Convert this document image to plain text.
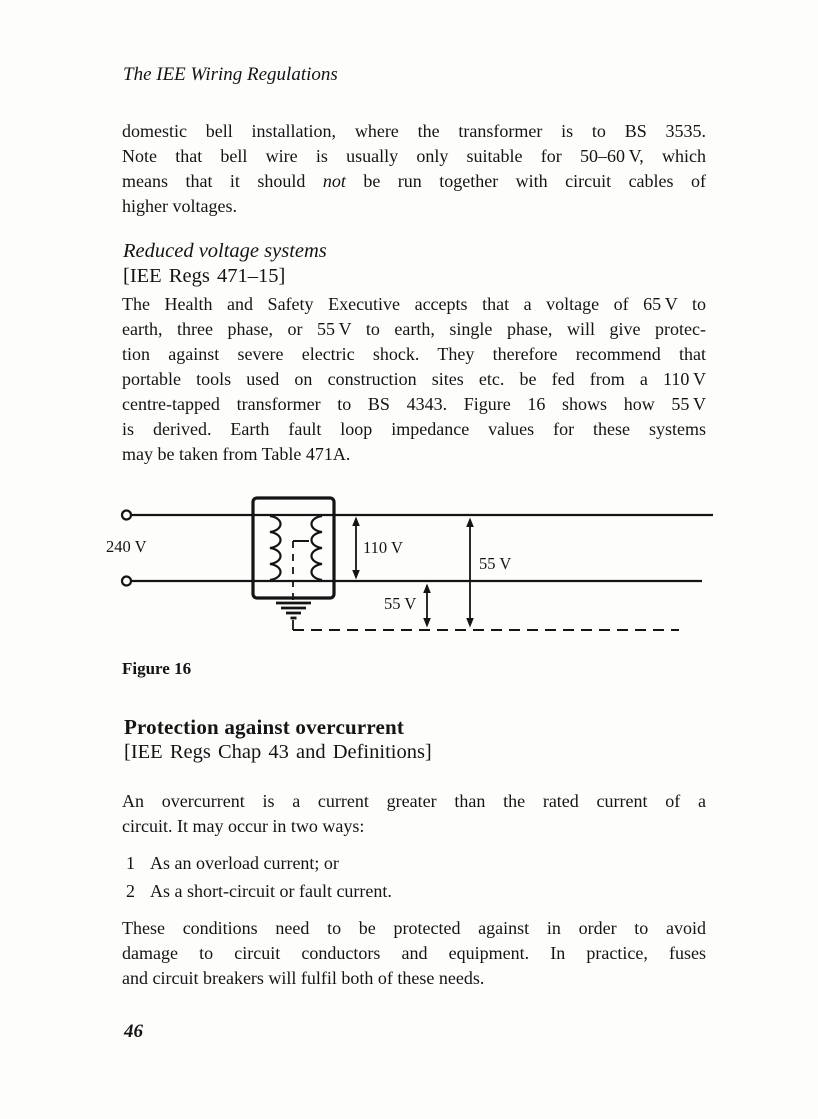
The IEE Wiring Regulations
domestic bell installation, where the transformer is to BS 3535.
Note that bell wire is usually only suitable for 50–60 V, which
means that it should not be run together with circuit cables of
higher voltages.
Reduced voltage systems
[IEE Regs 471–15]
The Health and Safety Executive accepts that a voltage of 65 V to
earth, three phase, or 55 V to earth, single phase, will give protec-
tion against severe electric shock. They therefore recommend that
portable tools used on construction sites etc. be fed from a 110 V
centre-tapped transformer to BS 4343. Figure 16 shows how 55 V
is derived. Earth fault loop impedance values for these systems
may be taken from Table 471A.
240 V	110 V
55 V
55 V
Figure 16
Protection against overcurrent
[IEE Regs Chap 43 and Definitions]
An overcurrent is a current greater than the rated current of a
circuit. It may occur in two ways:
1 As an overload current; or
2 As a short-circuit or fault current.
These conditions need to be protected against in order to avoid
damage to circuit conductors and equipment. In practice, fuses
and circuit breakers will fulfil both of these needs.
46
